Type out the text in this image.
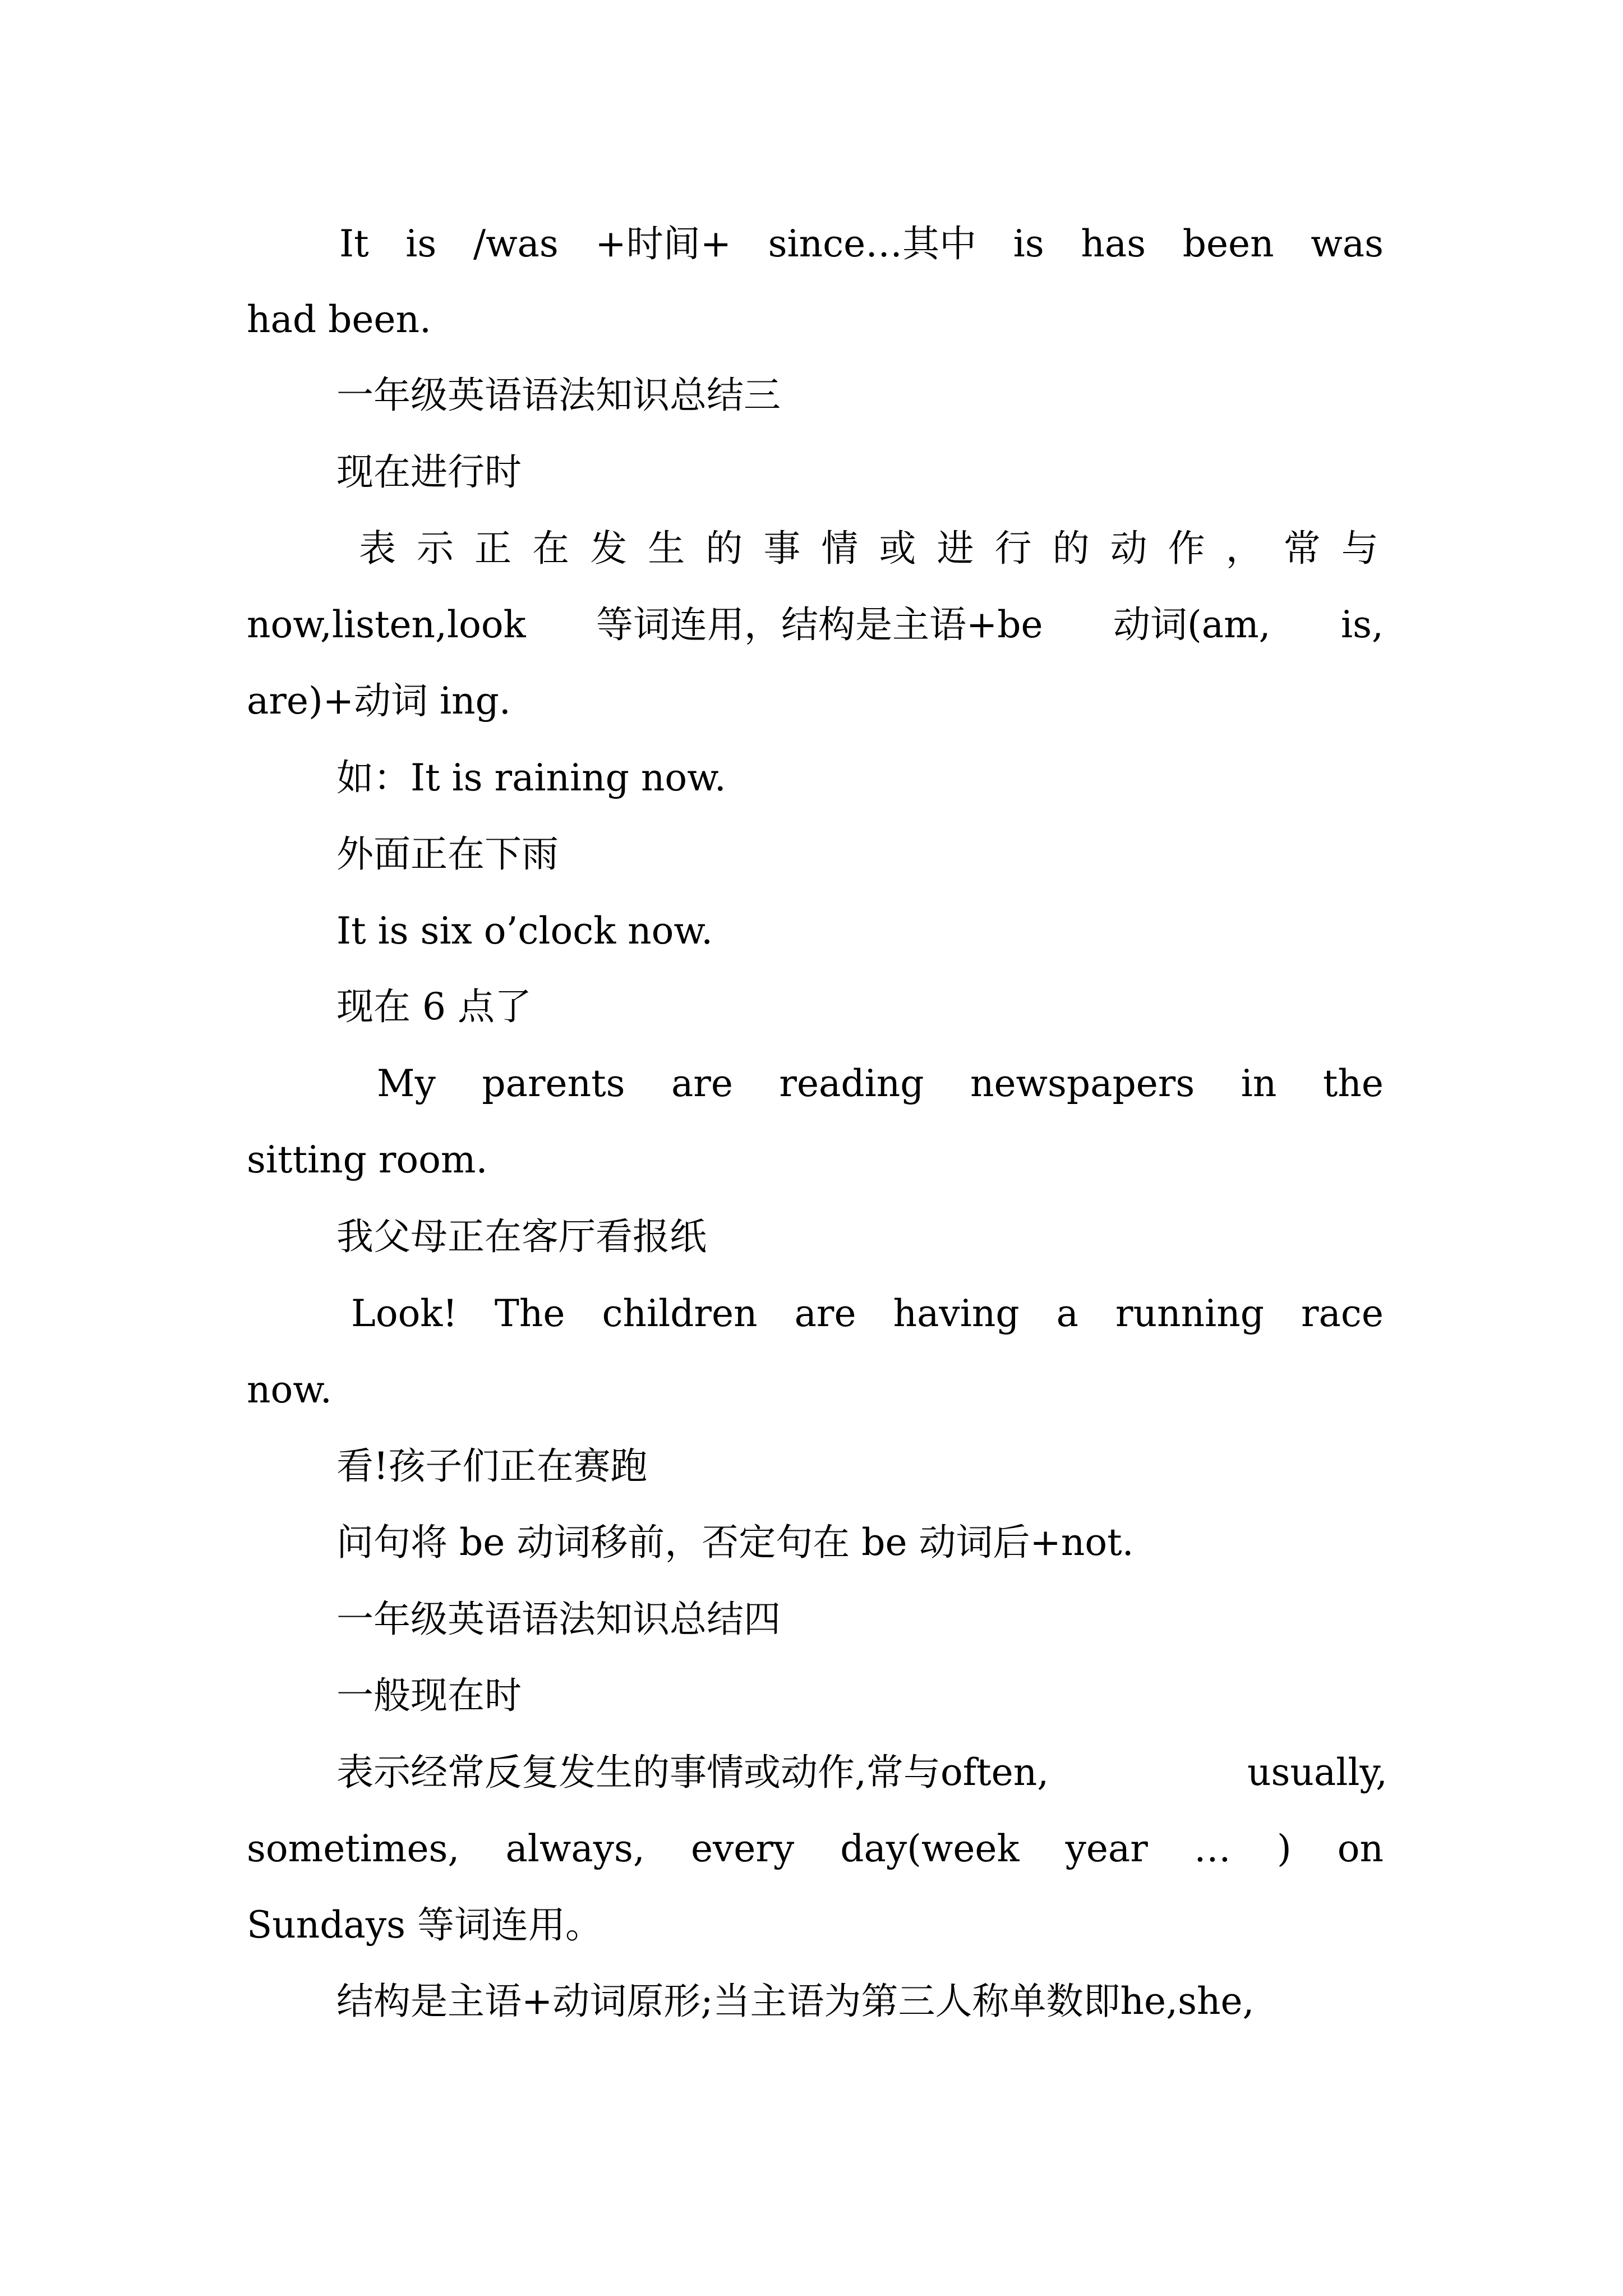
It is /was +时间+ since…其中 is has been was
had been.
一年级英语语法知识总结三
现在进行时
表 示 正 在 发 生 的 事 情 或 进 行 的 动 作 ， 常 与
now,listen,look 等词连用，结构是主语+be 动词(am, is,
are)+动词 ing.
如：It is raining now.
外面正在下雨
It is six o’clock now.
现在 6 点了
My parents are reading newspapers in the
sitting room.
我父母正在客厅看报纸
Look! The children are having a running race
now.
看!孩子们正在赛跑
问句将 be 动词移前，否定句在 be 动词后+not.
一年级英语语法知识总结四
一般现在时
表示经常反复发生的事情或动作,常与often,	usually,
sometimes, always, every day(week year … ) on
Sundays 等词连用。
结构是主语+动词原形;当主语为第三人称单数即he,she,
